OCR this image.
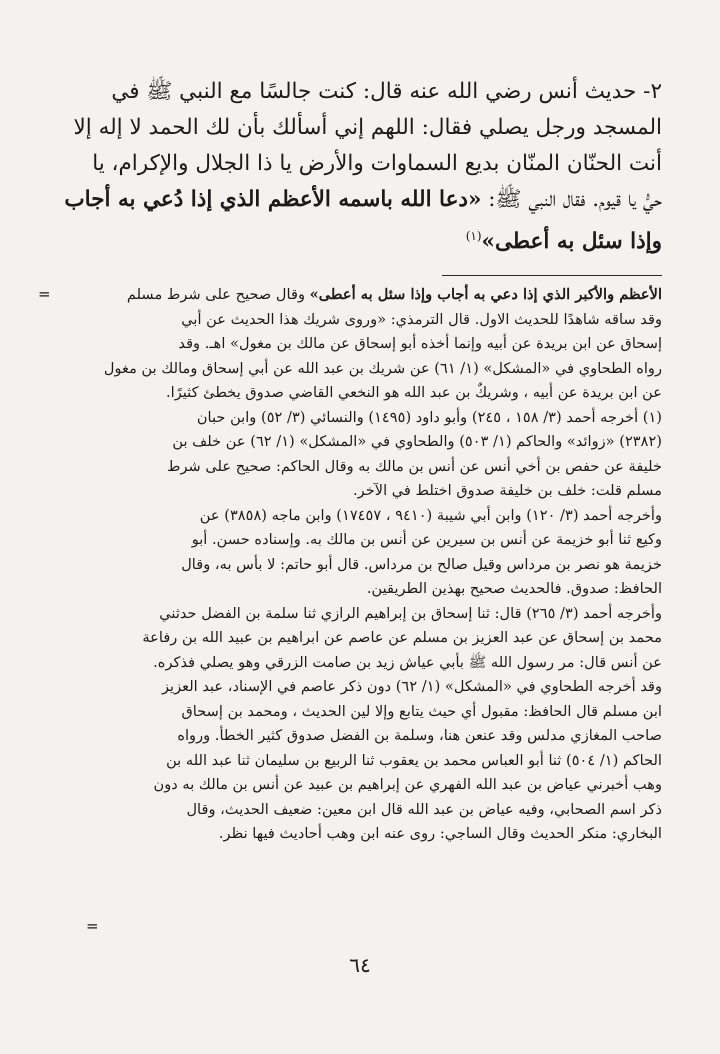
٢- حديث أنس رضي الله عنه قال: كنت جالسًا مع النبي ﷺ في
المسجد ورجل يصلي فقال: اللهم إني أسألك بأن لك الحمد لا إله إلا
أنت الحنّان المنّان بديع السماوات والأرض يا ذا الجلال والإكرام، يا
حيُّ يا قيوم. فقال النبي ﷺ: «دعا الله باسمه الأعظم الذي إذا دُعي به أجاب
وإذا سئل به أعطى»$^{(١)}$
=	الأعظم والأكبر الذي إذا دعي به أجاب وإذا سئل به أعطى» وقال صحيح على شرط مسلم
وقد ساقه شاهدًا للحديث الاول. قال الترمذي: «وروى شريك هذا الحديث عن أبي
إسحاق عن ابن بريدة عن أبيه وإنما أخذه أبو إسحاق عن مالك بن مغول» اهـ. وقد
رواه الطحاوي في «المشكل» (١/ ٦١) عن شريك بن عبد الله عن أبي إسحاق ومالك بن مغول
عن ابن بريدة عن أبيه ، وشريكٌ بن عبد الله هو النخعي القاضي صدوق يخطئ كثيرًا.
(١) أخرجه أحمد (٣/ ١٥٨ ، ٢٤٥) وأبو داود (١٤٩٥) والنسائي (٣/ ٥٢) وابن حبان
(٢٣٨٢) «زوائد» والحاكم (١/ ٥٠٣) والطحاوي في «المشكل» (١/ ٦٢) عن خلف بن
خليفة عن حفص بن أخي أنس عن أنس بن مالك به وقال الحاكم: صحيح على شرط
مسلم قلت: خلف بن خليفة صدوق اختلط في الآخر.
وأخرجه أحمد (٣/ ١٢٠) وابن أبي شيبة (٩٤١٠ ، ١٧٤٥٧) وابن ماجه (٣٨٥٨) عن
وكيع ثنا أبو خزيمة عن أنس بن سيرين عن أنس بن مالك به. وإسناده حسن. أبو
خزيمة هو نصر بن مرداس وقيل صالح بن مرداس. قال أبو حاتم: لا بأس به، وقال
الحافظ: صدوق. فالحديث صحيح بهذين الطريقين.
وأخرجه أحمد (٣/ ٢٦٥) قال: ثنا إسحاق بن إبراهيم الرازي ثنا سلمة بن الفضل حدثني
محمد بن إسحاق عن عبد العزيز بن مسلم عن عاصم عن ابراهيم بن عبيد الله بن رفاعة
عن أنس قال: مر رسول الله ﷺ بأبي عياش زيد بن صامت الزرقي وهو يصلي فذكره.
وقد أخرجه الطحاوي في «المشكل» (١/ ٦٢) دون ذكر عاصم في الإسناد، عبد العزيز
ابن مسلم قال الحافظ: مقبول أي حيث يتابع وإلا لين الحديث ، ومحمد بن إسحاق
صاحب المغازي مدلس وقد عنعن هنا، وسلمة بن الفضل صدوق كثير الخطأ. ورواه
الحاكم (١/ ٥٠٤) ثنا أبو العباس محمد بن يعقوب ثنا الربيع بن سليمان ثنا عبد الله بن
وهب أخبرني عياض بن عبد الله الفهري عن إبراهيم بن عبيد عن أنس بن مالك به دون
ذكر اسم الصحابي، وفيه عياض بن عبد الله قال ابن معين: ضعيف الحديث، وقال
البخاري: منكر الحديث وقال الساجي: روى عنه ابن وهب أحاديث فيها نظر.
=
٦٤
